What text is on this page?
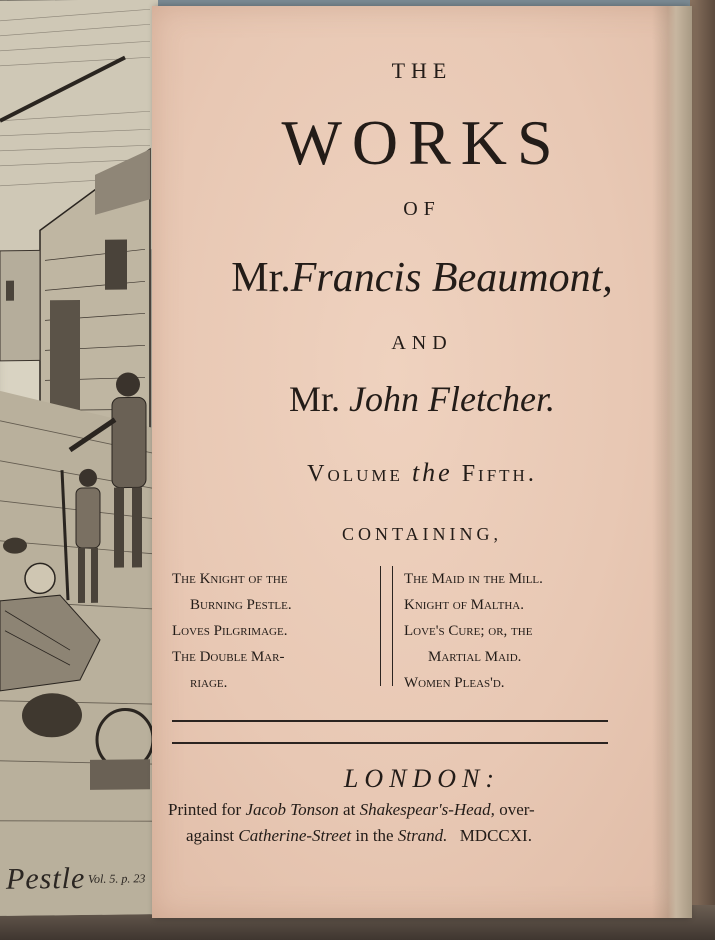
Pestle Vol. 5. p. 23
THE
WORKS
OF
Mr.Francis Beaumont,
AND
Mr. John Fletcher.
Volume the Fifth.
CONTAINING,
The Knight of the
Burning Pestle.
Loves Pilgrimage.
The Double Mar-
riage.
The Maid in the Mill.
Knight of Maltha.
Love's Cure; or, the
Martial Maid.
Women Pleas'd.
LONDON:
Printed for Jacob Tonson at Shakespear's-Head, over-
against Catherine-Street in the Strand. MDCCXI.
